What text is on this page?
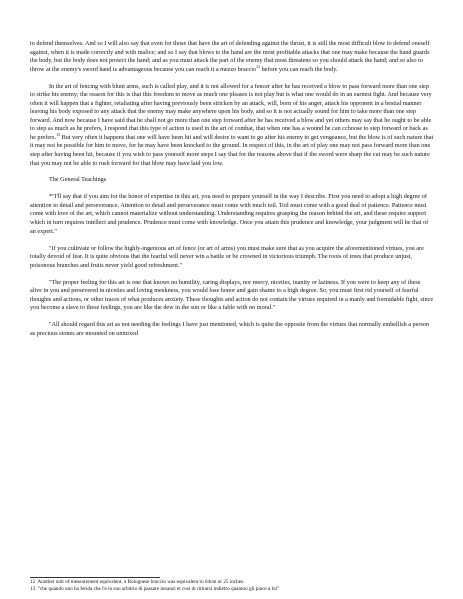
to defend themselves. And so I will also say that even for those that have the art of defending against the thrust, it is still the most difficult blow to defend oneself against, when it is made correctly and with malice; and so I say that blows to the hand are the most profitable attacks that one may make because the hand guards the body, but the body does not protect the hand; and as you must attack the part of the enemy that most threatens so you should attack the hand; and so also to throw at the enemy's sword hand is advantageous because you can reach it a mezzo braccio$^{12}$ before you can reach the body.

In the art of fencing with blunt arms, such is called play, and it is not allowed for a fencer after he has received a blow to pass forward more than one step to strike his enemy; the reason for this is that this freedom to move as much one pleases is not play but is what one would do in an earnest fight. And because very often it will happen that a fighter, retaliating after having previously been stricken by an attack, will, born of his anger, attack his opponent in a bestial manner leaving his body exposed to any attack that the enemy may make anywhere upon his body, and so it is not actually sound for him to take more than one step forward. And now because I have said that he shall not go more than one step forward after he has received a blow and yet others may say that he ought to be able to step as much as he prefers, I respond that this type of action is used in the art of combat, that when one has a wound he can cchoose to step forward or back as he prefers.$^{13}$ But very often it happens that one will have been hit and will desire to want to go after his enemy to get vengeance, but the blow is of such nature that it may not be possible for him to move, for he may have been knocked to the ground. In respect of this, in the art of play one may not pass forward more than one step after having been hit, because if you wish to pass yourself more steps I say that for the reasons above that if the sword were sharp the cut may be such nature that you may not be able to rush forward for that blow may have laid you low.

The General Teachings

*"I'll say that if you aim for the honor of expertise in this art, you need to prepare yourself in the way I describe. First you need to adopt a high degree of attention to detail and perseverance. Attention to detail and perseverance must come with much toil. Toil must come with a good deal of patience. Patience must come with love of the art, which cannot materialize without understanding. Understanding requires grasping the reason behind the art, and these require support which in turn requires intellect and prudence. Prudence must come with knowledge. Once you attain this prudence and knowledge, your judgment will be that of an expert."

"If you cultivate or follow the highly-ingenious art of fence (or art of arms) you must make sure that as you acquire the aforementioned virtues, you are totally devoid of fear. It is quite obvious that the fearful will never win a battle or be crowned in victorious triumph. The roots of trees that produce unjust, poisonous branches and fruits never yield good refreshment."

"The proper feeling for this art is one that knows no humility, caring displays, nor mercy, niceties, inanity or laziness. If you were to keep any of these alive in you and persevered in niceties and loving meekness, you would lose honor and gain shame to a high degree. So, you must first rid yourself of fearful thoughts and actions, or other traces of what produces anxiety. These thoughts and action do not contain the virtues required in a manly and formidable fight, since you become a slave to these feelings, you are like the dew in the sun or like a fable with no moral."

"All should regard this art as not needing the feelings I have just mentioned, which is quite the opposite from the virtues that normally embellish a person as precious stones are mounted on unmixed

12 Another unit of measurement equivalent, a Bolognese braccio was equivalent to 64cm or 25 inches.
13 "che quando uno ha ferida che l'e in suo arbitrio di passare innanzi et cosi di ritirarsi indietro quantoo gli piace a lui"
